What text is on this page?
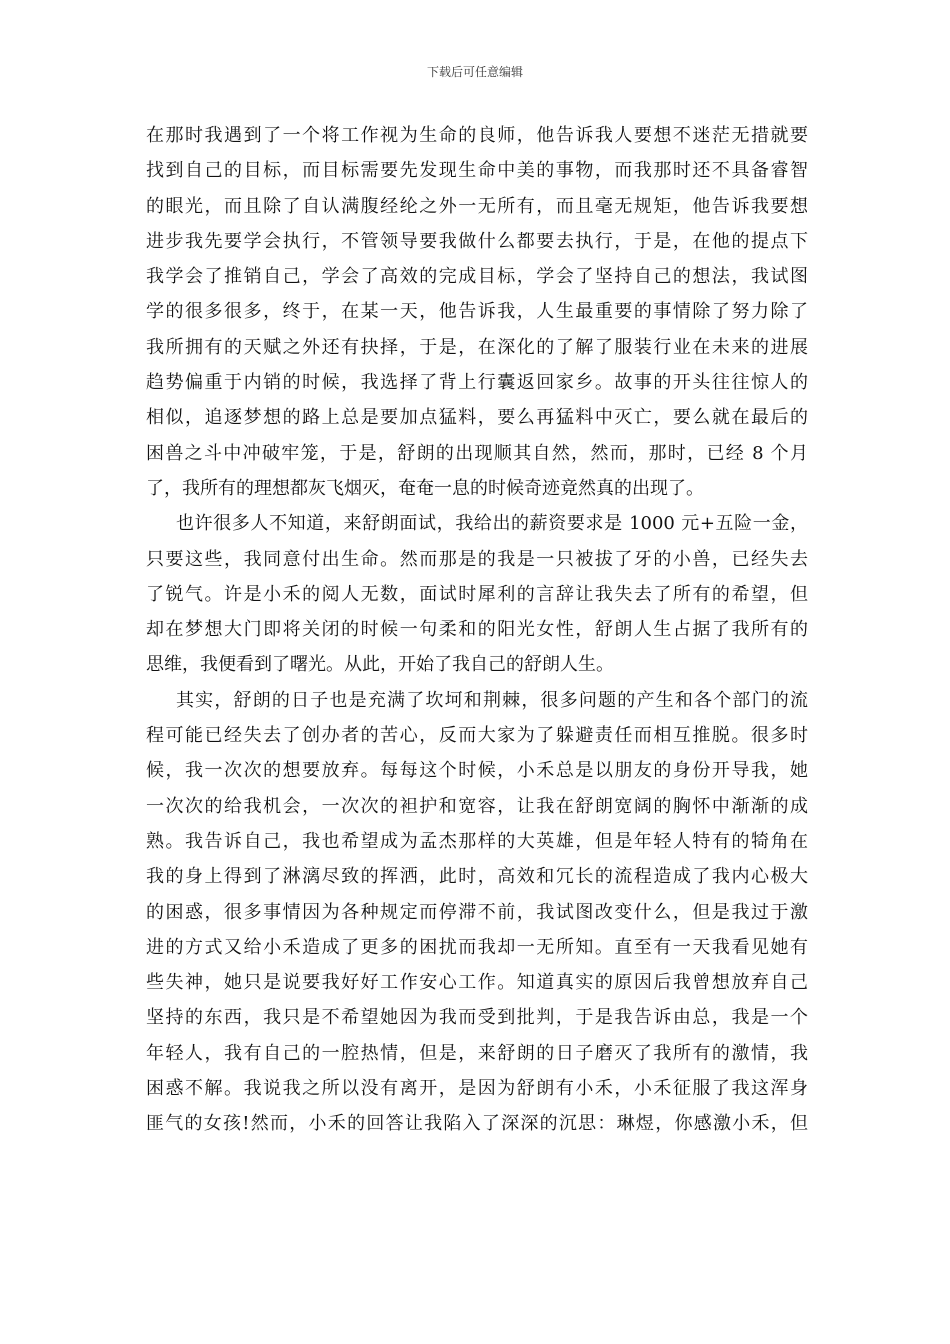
下载后可任意编辑
在那时我遇到了一个将工作视为生命的良师，他告诉我人要想不迷茫无措就要
找到自己的目标，而目标需要先发现生命中美的事物，而我那时还不具备睿智
的眼光，而且除了自认满腹经纶之外一无所有，而且毫无规矩，他告诉我要想
进步我先要学会执行，不管领导要我做什么都要去执行，于是，在他的提点下
我学会了推销自己，学会了高效的完成目标，学会了坚持自己的想法，我试图
学的很多很多，终于，在某一天，他告诉我，人生最重要的事情除了努力除了
我所拥有的天赋之外还有抉择，于是，在深化的了解了服装行业在未来的进展
趋势偏重于内销的时候，我选择了背上行囊返回家乡。故事的开头往往惊人的
相似，追逐梦想的路上总是要加点猛料，要么再猛料中灭亡，要么就在最后的
困兽之斗中冲破牢笼，于是，舒朗的出现顺其自然，然而，那时，已经 8 个月
了，我所有的理想都灰飞烟灭，奄奄一息的时候奇迹竟然真的出现了。
也许很多人不知道，来舒朗面试，我给出的薪资要求是 1000 元+五险一金，
只要这些，我同意付出生命。然而那是的我是一只被拔了牙的小兽，已经失去
了锐气。许是小禾的阅人无数，面试时犀利的言辞让我失去了所有的希望，但
却在梦想大门即将关闭的时候一句柔和的阳光女性，舒朗人生占据了我所有的
思维，我便看到了曙光。从此，开始了我自己的舒朗人生。
其实，舒朗的日子也是充满了坎坷和荆棘，很多问题的产生和各个部门的流
程可能已经失去了创办者的苦心，反而大家为了躲避责任而相互推脱。很多时
候，我一次次的想要放弃。每每这个时候，小禾总是以朋友的身份开导我，她
一次次的给我机会，一次次的袒护和宽容，让我在舒朗宽阔的胸怀中渐渐的成
熟。我告诉自己，我也希望成为孟杰那样的大英雄，但是年轻人特有的犄角在
我的身上得到了淋漓尽致的挥洒，此时，高效和冗长的流程造成了我内心极大
的困惑，很多事情因为各种规定而停滞不前，我试图改变什么，但是我过于激
进的方式又给小禾造成了更多的困扰而我却一无所知。直至有一天我看见她有
些失神，她只是说要我好好工作安心工作。知道真实的原因后我曾想放弃自己
坚持的东西，我只是不希望她因为我而受到批判，于是我告诉由总，我是一个
年轻人，我有自己的一腔热情，但是，来舒朗的日子磨灭了我所有的激情，我
困惑不解。我说我之所以没有离开，是因为舒朗有小禾，小禾征服了我这浑身
匪气的女孩!然而，小禾的回答让我陷入了深深的沉思：琳煜，你感激小禾，但
